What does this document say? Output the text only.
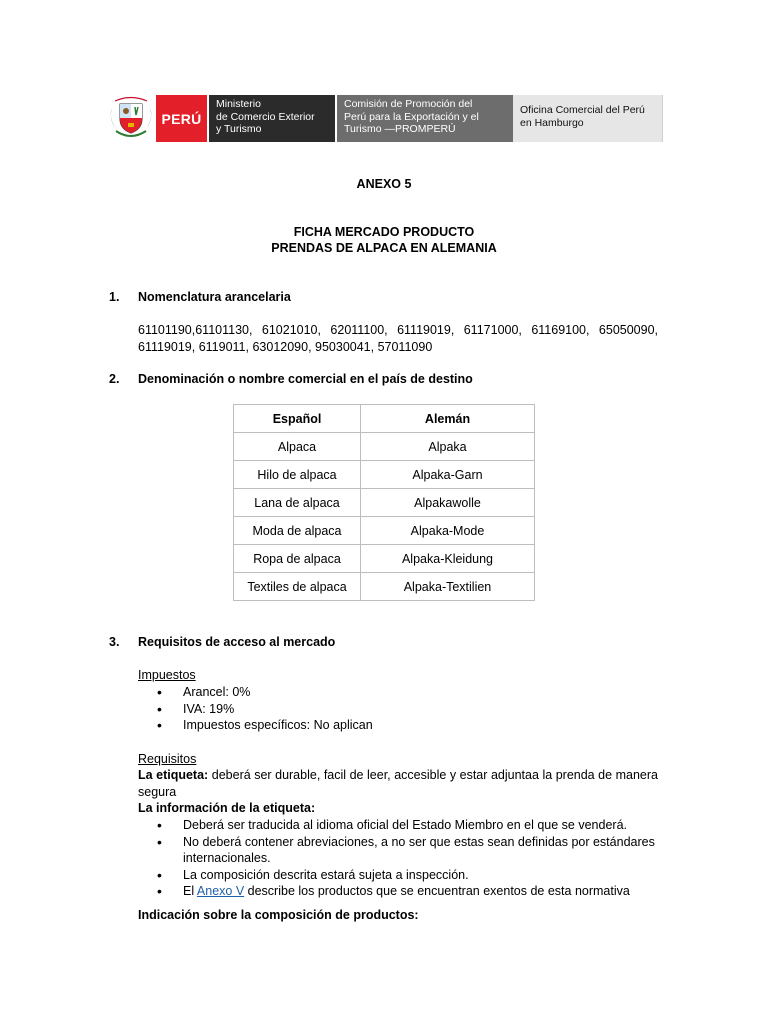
PERÚ
Ministerio
de Comercio Exterior
y Turismo
Comisión de Promoción del
Perú para la Exportación y el
Turismo —PROMPERÚ
Oficina Comercial del Perú
en Hamburgo
ANEXO 5
FICHA MERCADO PRODUCTO
PRENDAS DE ALPACA EN ALEMANIA
1. Nomenclatura arancelaria
61101190,61101130, 61021010, 62011100, 61119019, 61171000, 61169100, 65050090, 61119019, 6119011, 63012090, 95030041, 57011090
2. Denominación o nombre comercial en el país de destino
Español	Alemán
Alpaca	Alpaka
Hilo de alpaca	Alpaka-Garn
Lana de alpaca	Alpakawolle
Moda de alpaca	Alpaka-Mode
Ropa de alpaca	Alpaka-Kleidung
Textiles de alpaca	Alpaka-Textilien
3. Requisitos de acceso al mercado
Impuestos
• Arancel: 0%
• IVA: 19%
• Impuestos específicos: No aplican
Requisitos
La etiqueta: deberá ser durable, facil de leer, accesible y estar adjuntaa la prenda de manera segura
La información de la etiqueta:
• Deberá ser traducida al idioma oficial del Estado Miembro en el que se venderá.
• No deberá contener abreviaciones, a no ser que estas sean definidas por estándares internacionales.
• La composición descrita estará sujeta a inspección.
• El Anexo V describe los productos que se encuentran exentos de esta normativa
Indicación sobre la composición de productos:
